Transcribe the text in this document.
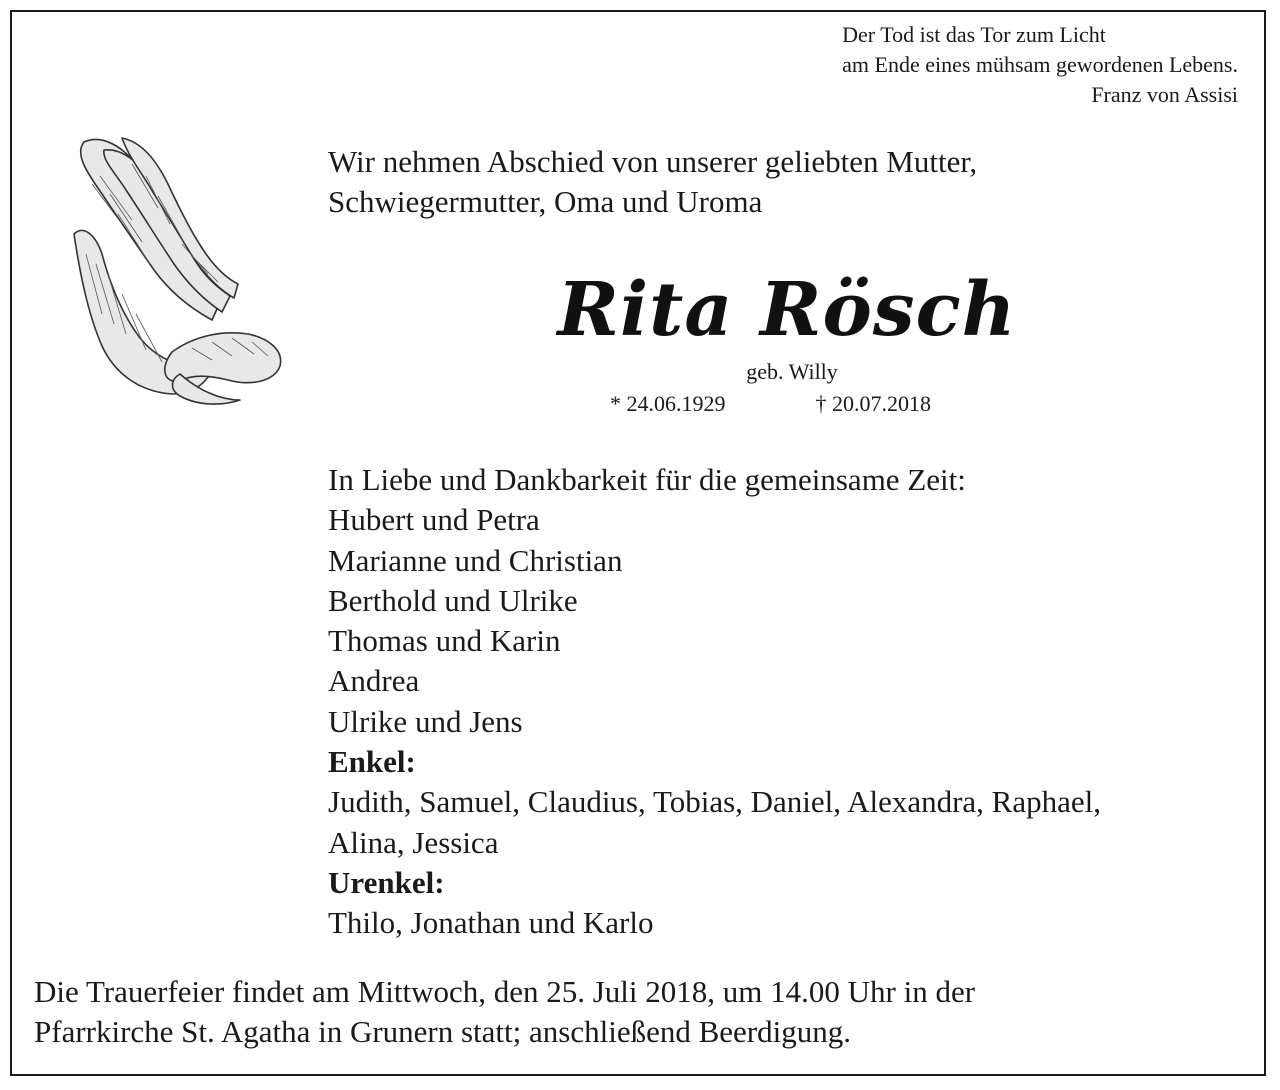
Der Tod ist das Tor zum Licht
am Ende eines mühsam gewordenen Lebens.
Franz von Assisi
Wir nehmen Abschied von unserer geliebten Mutter,
Schwiegermutter, Oma und Uroma
Rita Rösch
geb. Willy
* 24.06.1929	† 20.07.2018
In Liebe und Dankbarkeit für die gemeinsame Zeit:
Hubert und Petra
Marianne und Christian
Berthold und Ulrike
Thomas und Karin
Andrea
Ulrike und Jens
Enkel:
Judith, Samuel, Claudius, Tobias, Daniel, Alexandra, Raphael,
Alina, Jessica
Urenkel:
Thilo, Jonathan und Karlo
Die Trauerfeier findet am Mittwoch, den 25. Juli 2018, um 14.00 Uhr in der
Pfarrkirche St. Agatha in Grunern statt; anschließend Beerdigung.
